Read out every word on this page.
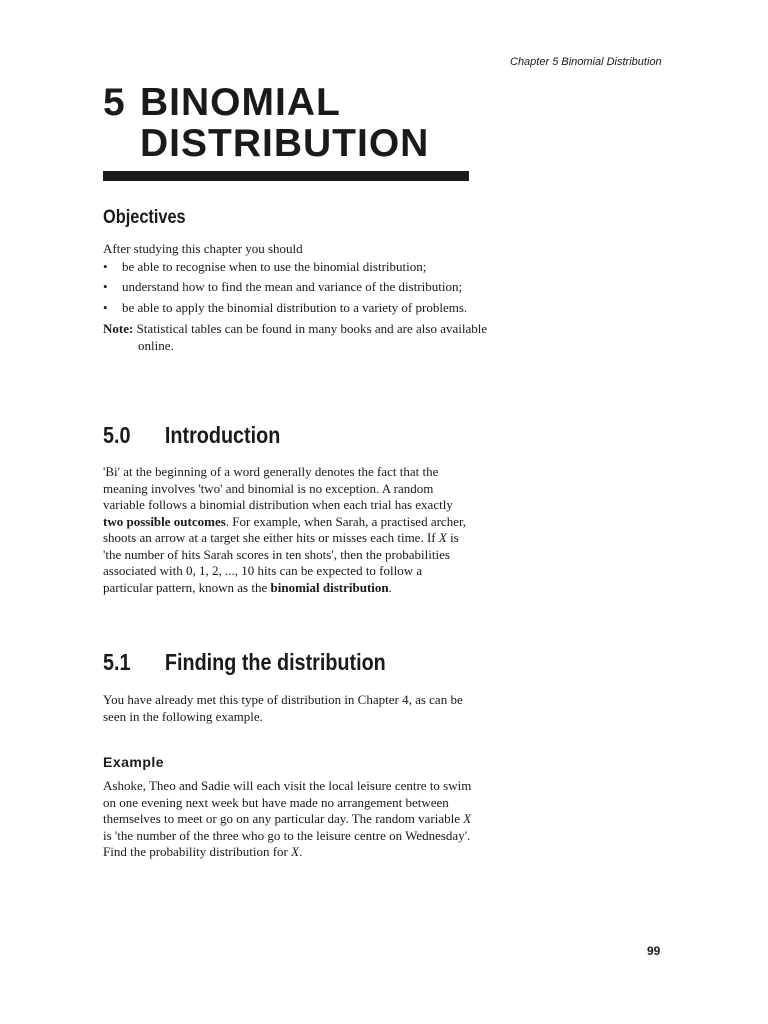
Chapter 5 Binomial Distribution
5 BINOMIAL
DISTRIBUTION
Objectives

After studying this chapter you should

• be able to recognise when to use the binomial distribution;
• understand how to find the mean and variance of the distribution;
• be able to apply the binomial distribution to a variety of problems.

Note: Statistical tables can be found in many books and are also available online.

5.0 Introduction

'Bi' at the beginning of a word generally denotes the fact that the meaning involves 'two' and binomial is no exception. A random variable follows a binomial distribution when each trial has exactly two possible outcomes. For example, when Sarah, a practised archer, shoots an arrow at a target she either hits or misses each time. If X is 'the number of hits Sarah scores in ten shots', then the probabilities associated with 0, 1, 2, ..., 10 hits can be expected to follow a particular pattern, known as the binomial distribution.

5.1 Finding the distribution

You have already met this type of distribution in Chapter 4, as can be seen in the following example.

Example

Ashoke, Theo and Sadie will each visit the local leisure centre to swim on one evening next week but have made no arrangement between themselves to meet or go on any particular day. The random variable X is 'the number of the three who go to the leisure centre on Wednesday'. Find the probability distribution for X.

99
